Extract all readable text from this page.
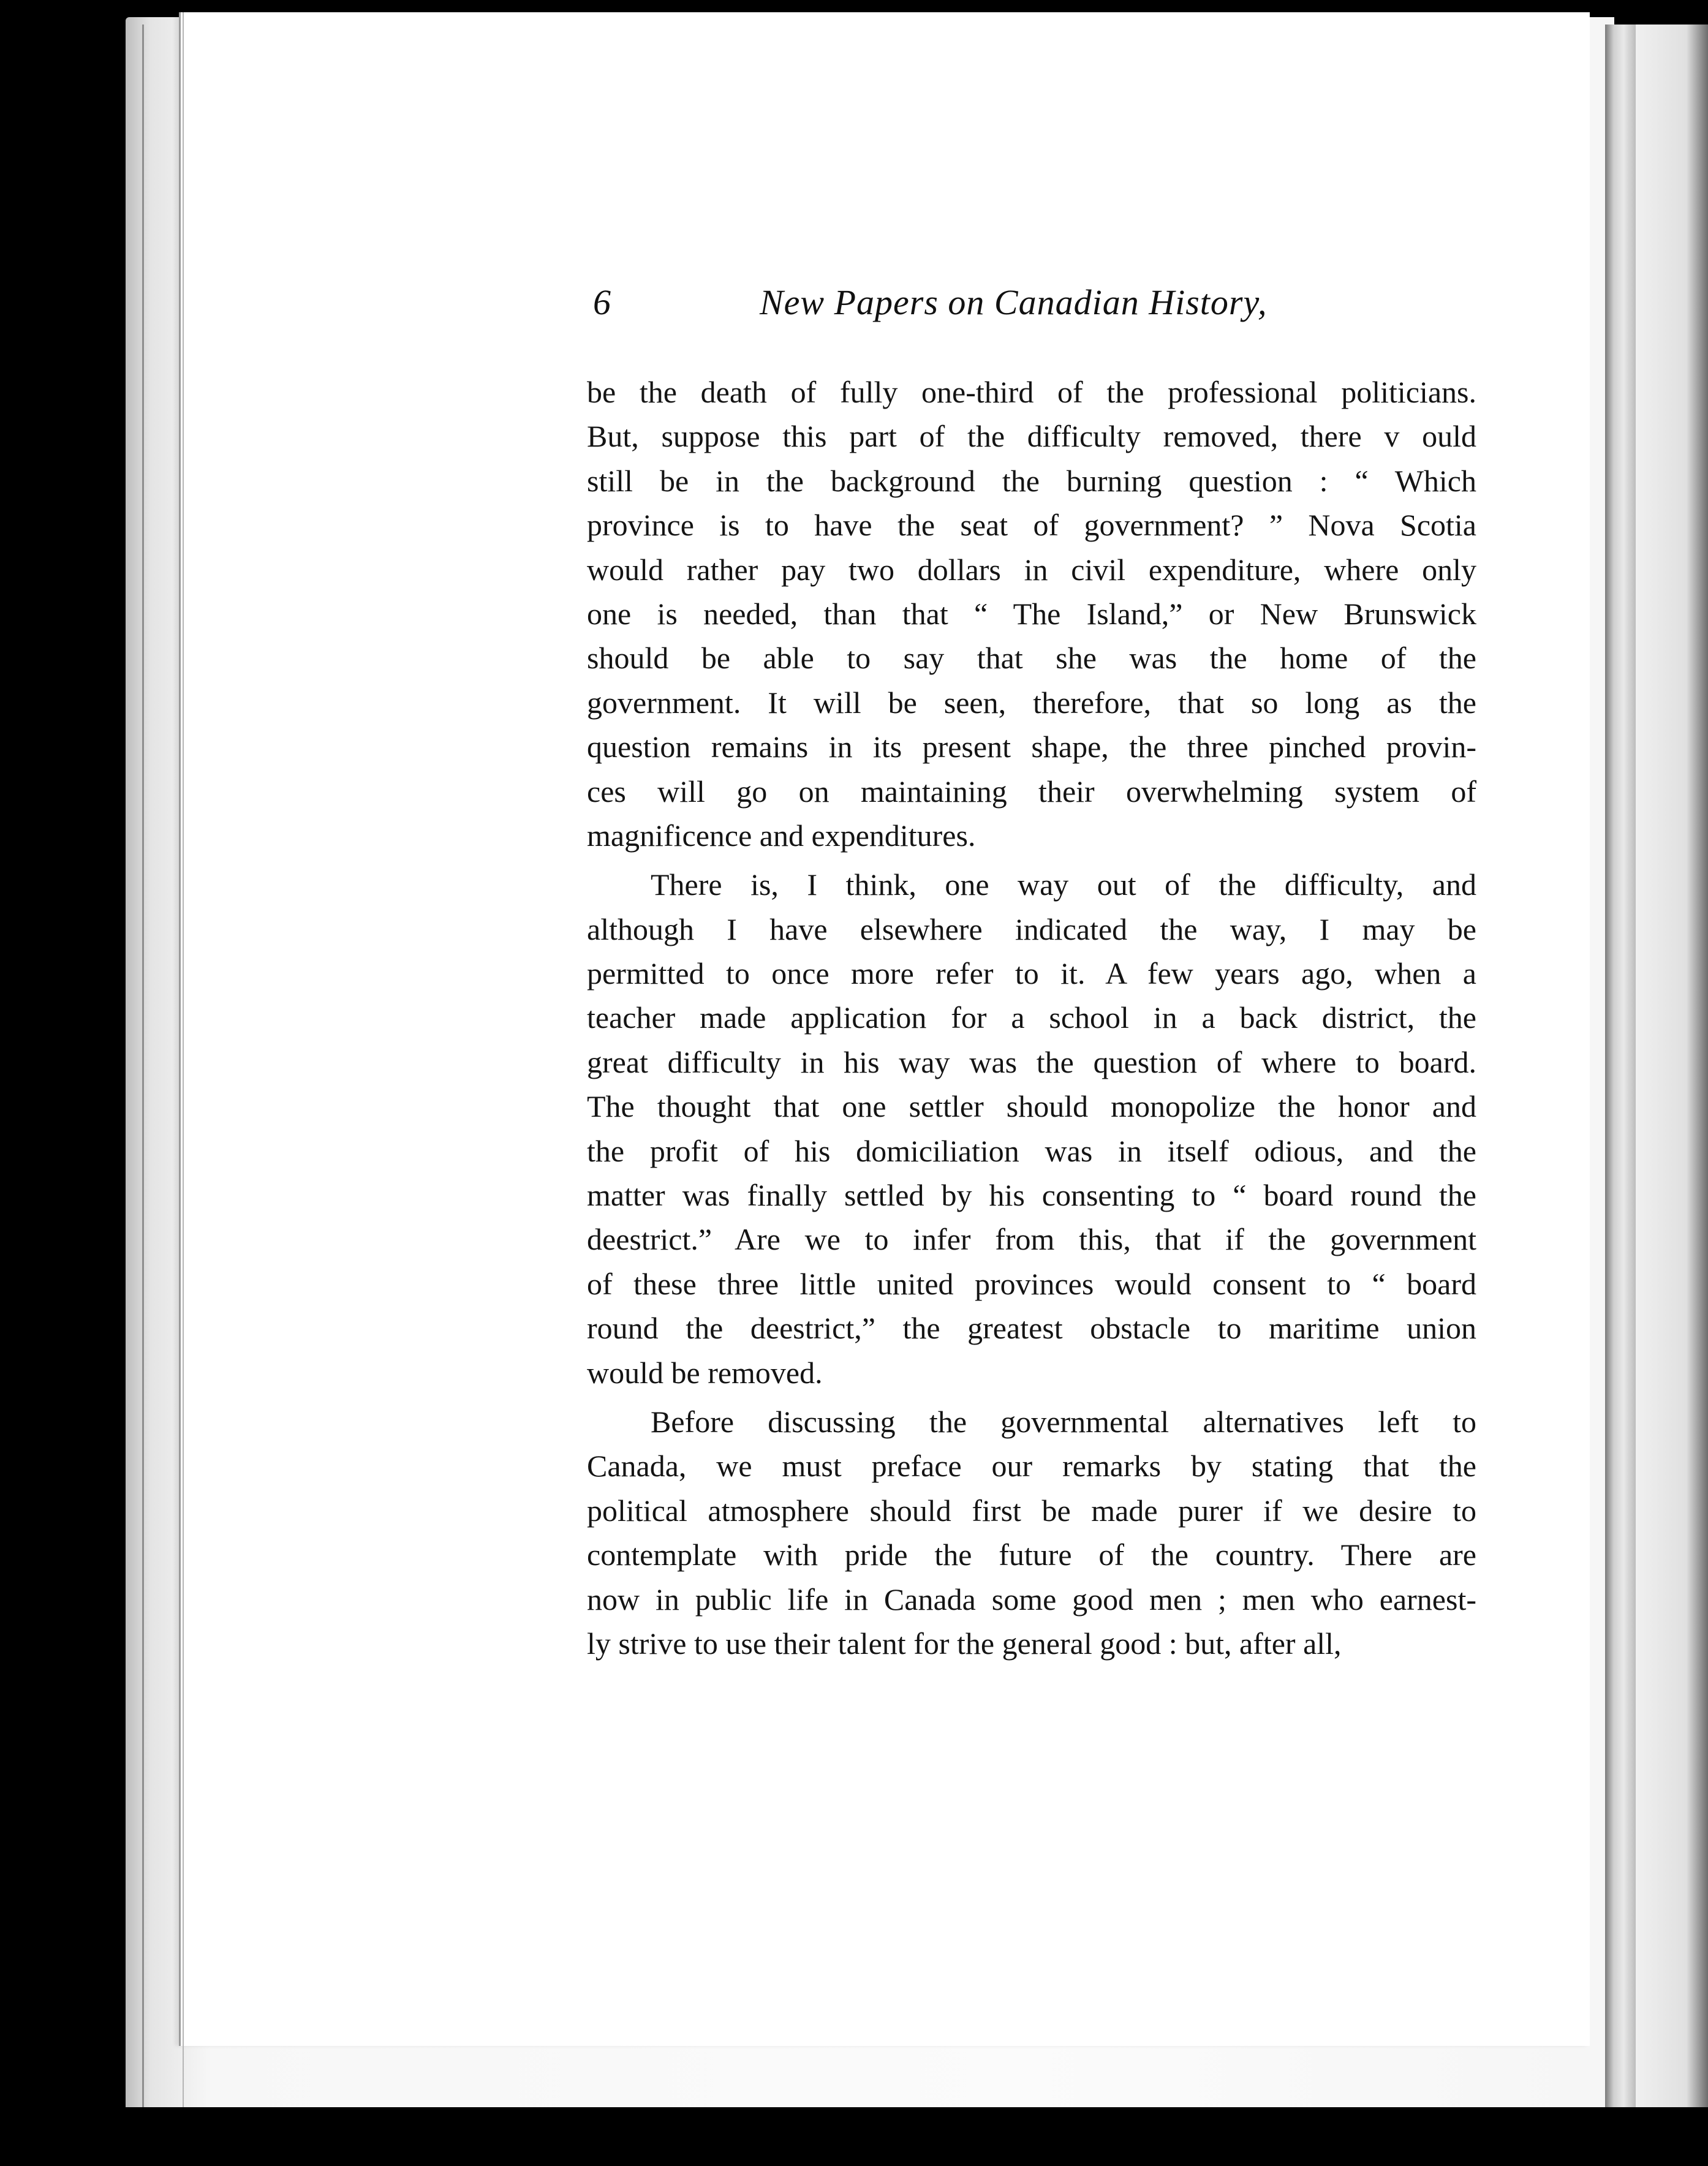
6	New Papers on Canadian History,
be the death of fully one-third of the professional politicians.
But, suppose this part of the difficulty removed, there v ould
still be in the background the burning question : “ Which
province is to have the seat of government? ” Nova Scotia
would rather pay two dollars in civil expenditure, where only
one is needed, than that “ The Island,” or New Brunswick
should be able to say that she was the home of the
government. It will be seen, therefore, that so long as the
question remains in its present shape, the three pinched provin-
ces will go on maintaining their overwhelming system of
magnificence and expenditures.
There is, I think, one way out of the difficulty, and
although I have elsewhere indicated the way, I may be
permitted to once more refer to it. A few years ago, when a
teacher made application for a school in a back district, the
great difficulty in his way was the question of where to board.
The thought that one settler should monopolize the honor and
the profit of his domiciliation was in itself odious, and the
matter was finally settled by his consenting to “ board round the
deestrict.” Are we to infer from this, that if the government
of these three little united provinces would consent to “ board
round the deestrict,” the greatest obstacle to maritime union
would be removed.
Before discussing the governmental alternatives left to
Canada, we must preface our remarks by stating that the
political atmosphere should first be made purer if we desire to
contemplate with pride the future of the country. There are
now in public life in Canada some good men ; men who earnest-
ly strive to use their talent for the general good : but, after all,
